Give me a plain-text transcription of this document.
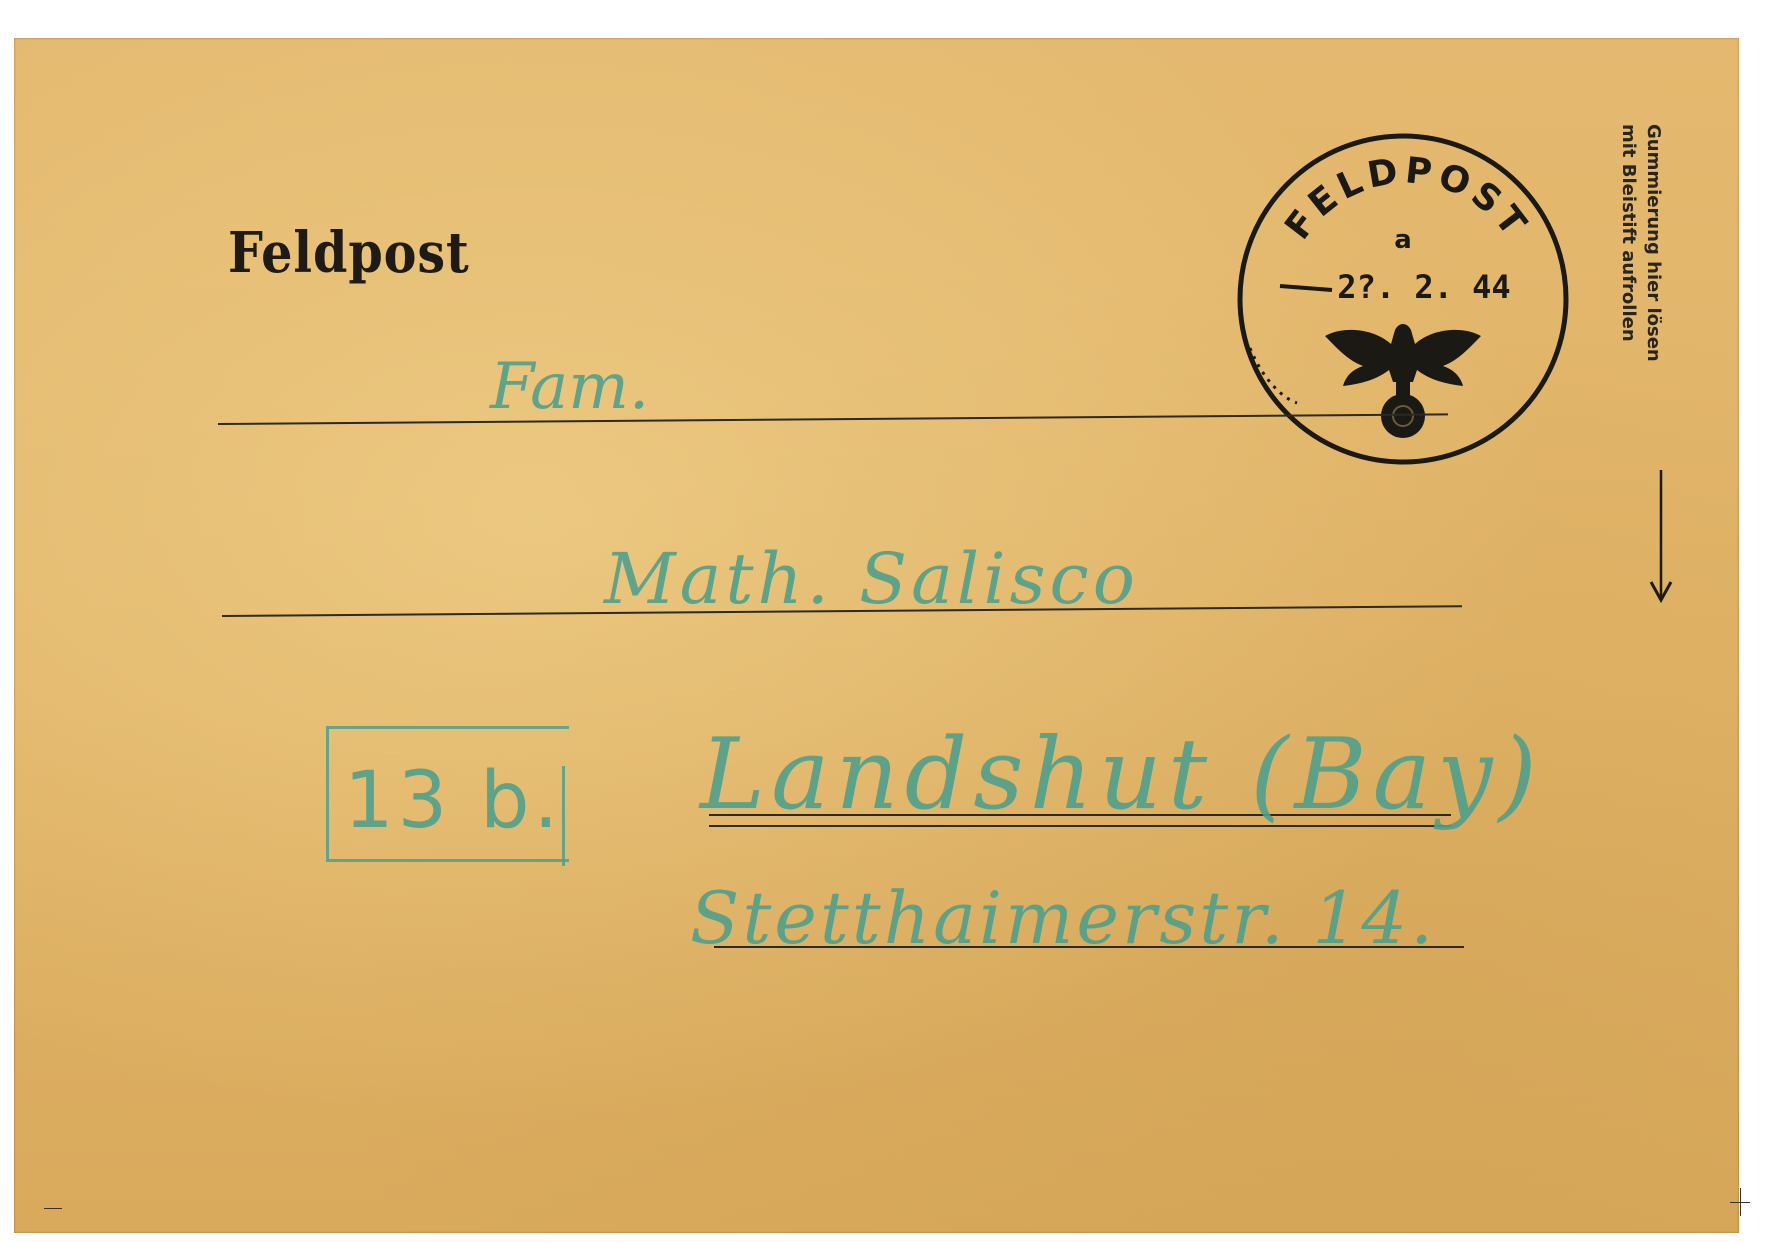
Feldpost	FELDPOST
a
2?. 2. 44	Gummierung hier lösen
mit Bleistift aufrollen
Fam.
Math. Salisco
13 b. Landshut (Bay)
Stetthaimerstr. 14.
